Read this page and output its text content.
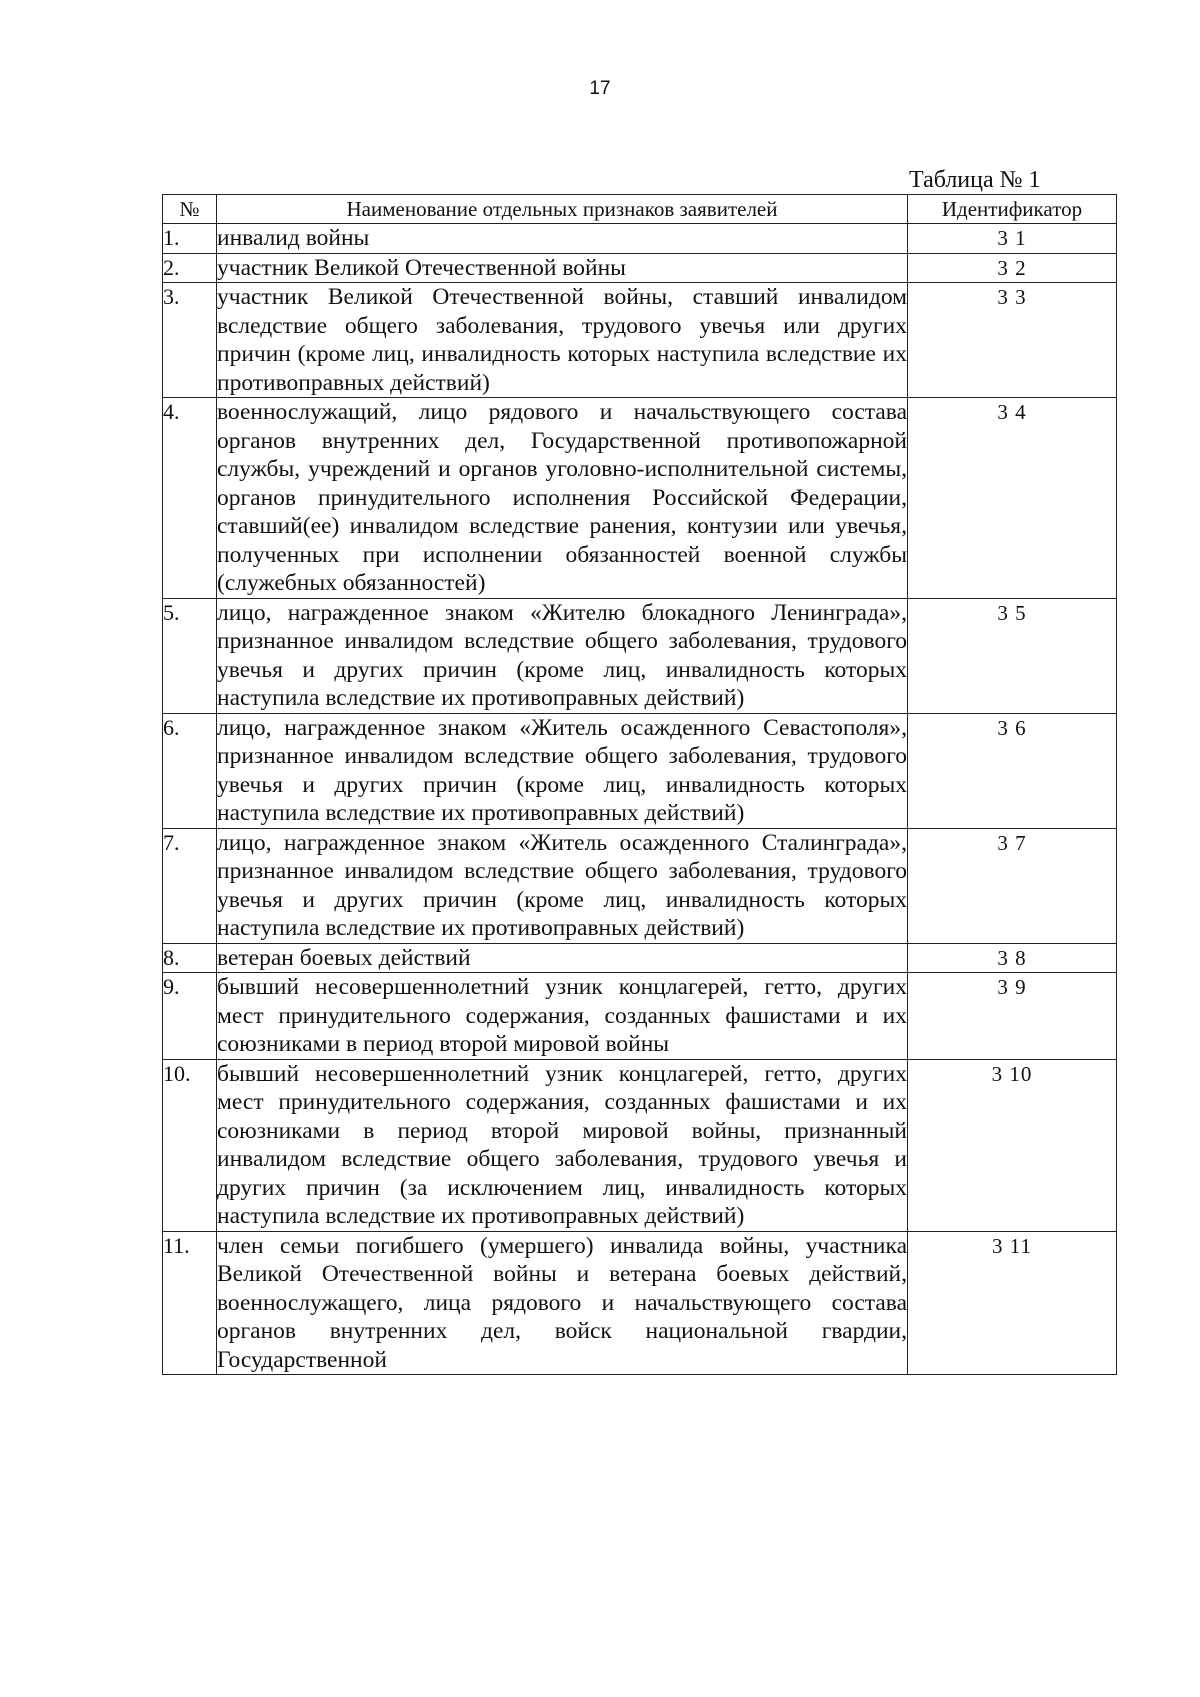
17
Таблица № 1
№	Наименование отдельных признаков заявителей	Идентификатор
1.	инвалид войны	3 1
2.	участник Великой Отечественной войны	3 2
3.	участник Великой Отечественной войны, ставший инвалидом вследствие общего заболевания, трудового увечья или других причин (кроме лиц, инвалидность которых наступила вследствие их противоправных действий)	3 3
4.	военнослужащий, лицо рядового и начальствующего состава органов внутренних дел, Государственной противопожарной службы, учреждений и органов уголовно-исполнительной системы, органов принудительного исполнения Российской Федерации, ставший(ее) инвалидом вследствие ранения, контузии или увечья, полученных при исполнении обязанностей военной службы (служебных обязанностей)	3 4
5.	лицо, награжденное знаком «Жителю блокадного Ленинграда», признанное инвалидом вследствие общего заболевания, трудового увечья и других причин (кроме лиц, инвалидность которых наступила вследствие их противоправных действий)	3 5
6.	лицо, награжденное знаком «Житель осажденного Севастополя», признанное инвалидом вследствие общего заболевания, трудового увечья и других причин (кроме лиц, инвалидность которых наступила вследствие их противоправных действий)	3 6
7.	лицо, награжденное знаком «Житель осажденного Сталинграда», признанное инвалидом вследствие общего заболевания, трудового увечья и других причин (кроме лиц, инвалидность которых наступила вследствие их противоправных действий)	3 7
8.	ветеран боевых действий	3 8
9.	бывший несовершеннолетний узник концлагерей, гетто, других мест принудительного содержания, созданных фашистами и их союзниками в период второй мировой войны	3 9
10.	бывший несовершеннолетний узник концлагерей, гетто, других мест принудительного содержания, созданных фашистами и их союзниками в период второй мировой войны, признанный инвалидом вследствие общего заболевания, трудового увечья и других причин (за исключением лиц, инвалидность которых наступила вследствие их противоправных действий)	3 10
11.	член семьи погибшего (умершего) инвалида войны, участника Великой Отечественной войны и ветерана боевых действий, военнослужащего, лица рядового и начальствующего состава органов внутренних дел, войск национальной гвардии, Государственной	3 11
